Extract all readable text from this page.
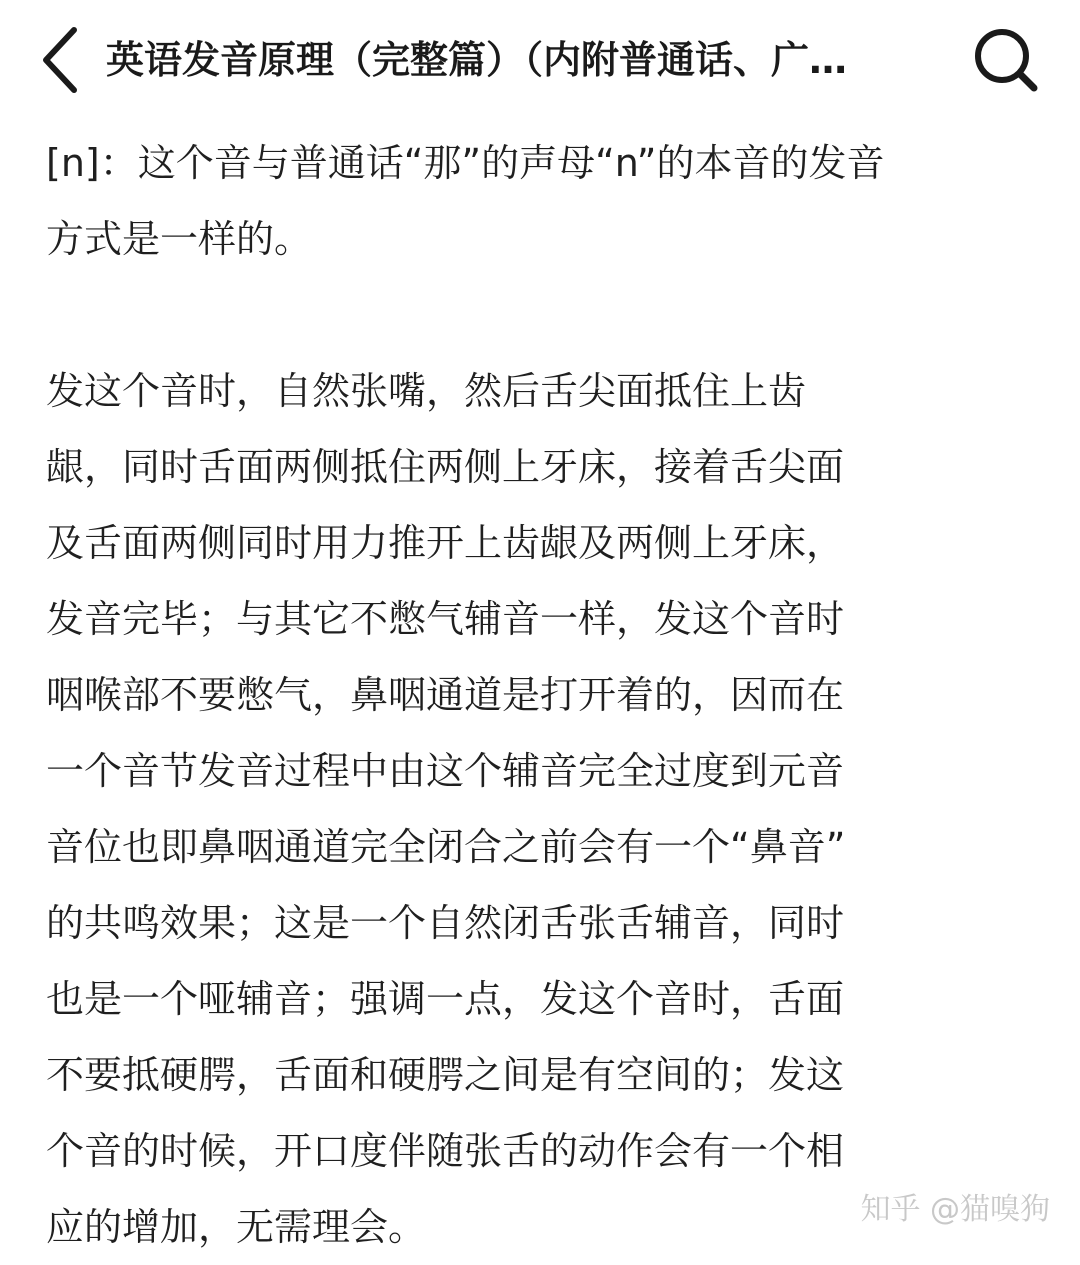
英语发音原理（完整篇）（内附普通话、广…
[n]：这个音与普通话“那”的声母“n”的本音的发音
方式是一样的。
发这个音时，自然张嘴，然后舌尖面抵住上齿
龈，同时舌面两侧抵住两侧上牙床，接着舌尖面
及舌面两侧同时用力推开上齿龈及两侧上牙床，
发音完毕；与其它不憋气辅音一样，发这个音时
咽喉部不要憋气，鼻咽通道是打开着的，因而在
一个音节发音过程中由这个辅音完全过度到元音
音位也即鼻咽通道完全闭合之前会有一个“鼻音”
的共鸣效果；这是一个自然闭舌张舌辅音，同时
也是一个哑辅音；强调一点，发这个音时，舌面
不要抵硬腭，舌面和硬腭之间是有空间的；发这
个音的时候，开口度伴随张舌的动作会有一个相
应的增加，无需理会。	知乎 @猫嗅狗
